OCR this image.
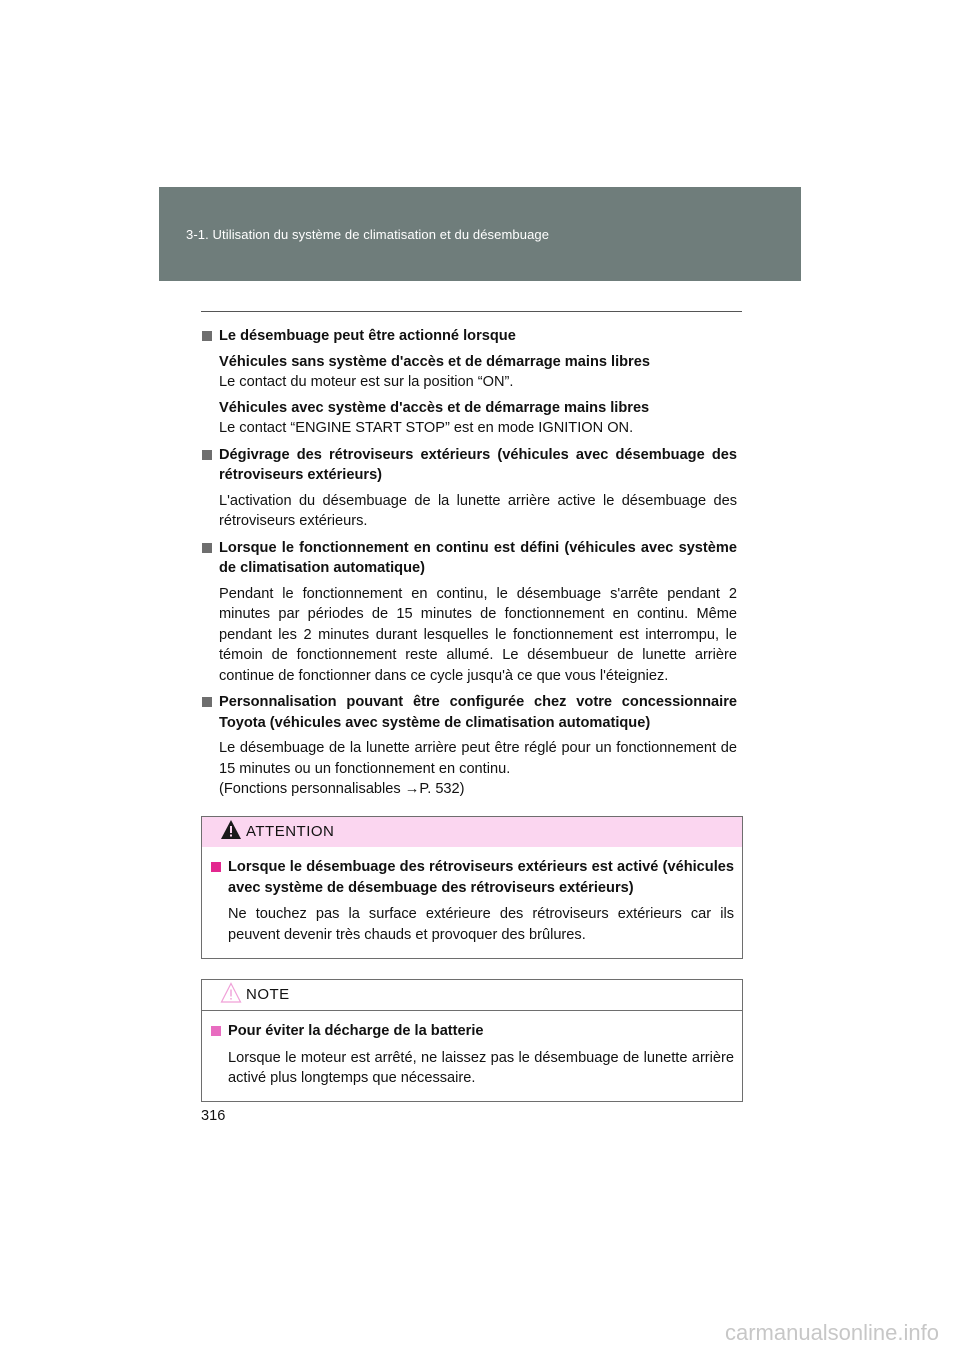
3-1. Utilisation du système de climatisation et du désembuage
Le désembuage peut être actionné lorsque
Véhicules sans système d'accès et de démarrage mains libres
Le contact du moteur est sur la position “ON”.
Véhicules avec système d'accès et de démarrage mains libres
Le contact “ENGINE START STOP” est en mode IGNITION ON.
Dégivrage des rétroviseurs extérieurs (véhicules avec désembuage des rétroviseurs extérieurs)
L'activation du désembuage de la lunette arrière active le désembuage des rétroviseurs extérieurs.
Lorsque le fonctionnement en continu est défini (véhicules avec système de climatisation automatique)
Pendant le fonctionnement en continu, le désembuage s'arrête pendant 2 minutes par périodes de 15 minutes de fonctionnement en continu. Même pendant les 2 minutes durant lesquelles le fonctionnement est interrompu, le témoin de fonctionnement reste allumé. Le désembueur de lunette arrière continue de fonctionner dans ce cycle jusqu'à ce que vous l'éteigniez.
Personnalisation pouvant être configurée chez votre concessionnaire Toyota (véhicules avec système de climatisation automatique)
Le désembuage de la lunette arrière peut être réglé pour un fonctionnement de 15 minutes ou un fonctionnement en continu.
(Fonctions personnalisables →P. 532)
ATTENTION
Lorsque le désembuage des rétroviseurs extérieurs est activé (véhicules avec système de désembuage des rétroviseurs extérieurs)
Ne touchez pas la surface extérieure des rétroviseurs extérieurs car ils peuvent devenir très chauds et provoquer des brûlures.
NOTE
Pour éviter la décharge de la batterie
Lorsque le moteur est arrêté, ne laissez pas le désembuage de lunette arrière activé plus longtemps que nécessaire.
316
carmanualsonline.info
